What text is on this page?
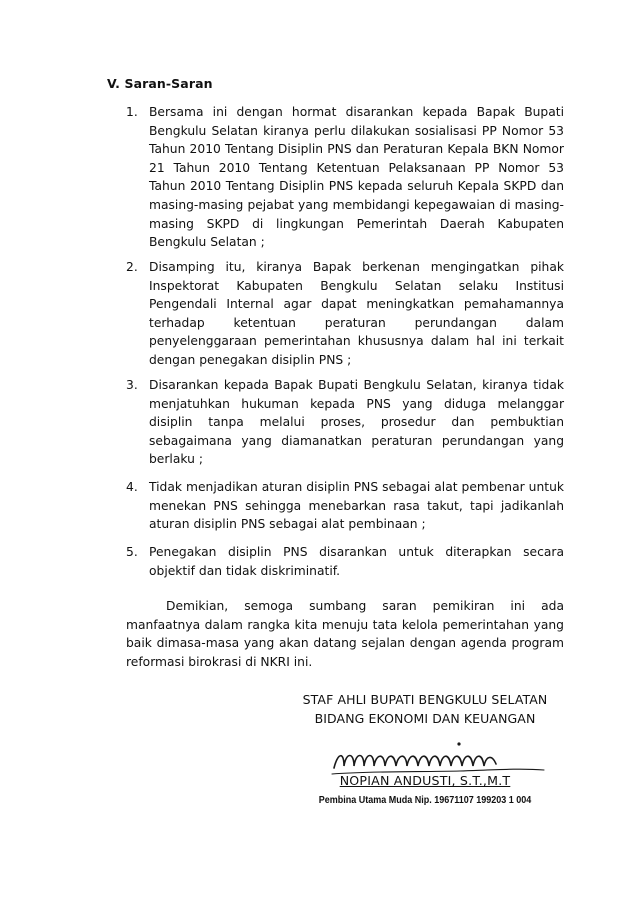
V. Saran-Saran
1. Bersama ini dengan hormat disarankan kepada Bapak Bupati Bengkulu Selatan kiranya perlu dilakukan sosialisasi PP Nomor 53 Tahun 2010 Tentang Disiplin PNS dan Peraturan Kepala BKN Nomor 21 Tahun 2010 Tentang Ketentuan Pelaksanaan PP Nomor 53 Tahun 2010 Tentang Disiplin PNS kepada seluruh Kepala SKPD dan masing-masing pejabat yang membidangi kepegawaian di masing-masing SKPD di lingkungan Pemerintah Daerah Kabupaten Bengkulu Selatan ;
2. Disamping itu, kiranya Bapak berkenan mengingatkan pihak Inspektorat Kabupaten Bengkulu Selatan selaku Institusi Pengendali Internal agar dapat meningkatkan pemahamannya terhadap ketentuan peraturan perundangan dalam penyelenggaraan pemerintahan khususnya dalam hal ini terkait dengan penegakan disiplin PNS ;
3. Disarankan kepada Bapak Bupati Bengkulu Selatan, kiranya tidak menjatuhkan hukuman kepada PNS yang diduga melanggar disiplin tanpa melalui proses, prosedur dan pembuktian sebagaimana yang diamanatkan peraturan perundangan yang berlaku ;
4. Tidak menjadikan aturan disiplin PNS sebagai alat pembenar untuk menekan PNS sehingga menebarkan rasa takut, tapi jadikanlah aturan disiplin PNS sebagai alat pembinaan ;
5. Penegakan disiplin PNS disarankan untuk diterapkan secara objektif dan tidak diskriminatif.
Demikian, semoga sumbang saran pemikiran ini ada manfaatnya dalam rangka kita menuju tata kelola pemerintahan yang baik dimasa-masa yang akan datang sejalan dengan agenda program reformasi birokrasi di NKRI ini.
STAF AHLI BUPATI BENGKULU SELATAN
BIDANG EKONOMI DAN KEUANGAN
NOPIAN ANDUSTI, S.T.,M.T
Pembina Utama Muda Nip. 19671107 199203 1 004
